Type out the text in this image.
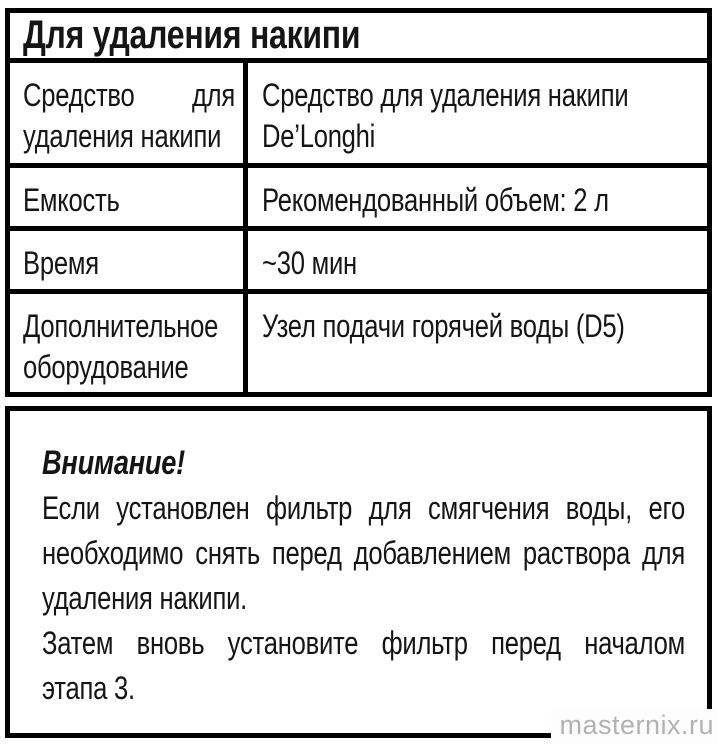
Для удаления накипи
Средство для
удаления накипи
Средство для удаления накипи
De’Longhi
Емкость	Рекомендованный объем: 2 л
Время	~30 мин
Дополнительное
оборудование
Узел подачи горячей воды (D5)
Внимание!
Если установлен фильтр для смягчения воды, его
необходимо снять перед добавлением раствора для
удаления накипи.
Затем вновь установите фильтр перед началом
этапа 3.
masternix.ru
